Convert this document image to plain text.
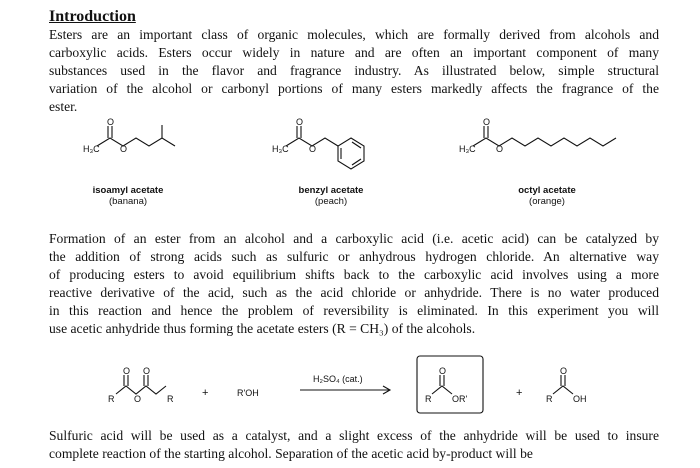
Introduction
Esters are an important class of organic molecules, which are formally derived from alcohols and
carboxylic acids. Esters occur widely in nature and are often an important component of many
substances used in the flavor and fragrance industry. As illustrated below, simple structural
variation of the alcohol or carbonyl portions of many esters markedly affects the fragrance of the
ester.
H₃C
O
O	H₃C
O
O	H₃C
O
O
isoamyl acetate
(banana)
benzyl acetate
(peach)
octyl acetate
(orange)
Formation of an ester from an alcohol and a carboxylic acid (i.e. acetic acid) can be catalyzed by
the addition of strong acids such as sulfuric or anhydrous hydrogen chloride. An alternative way
of producing esters to avoid equilibrium shifts back to the carboxylic acid involves using a more
reactive derivative of the acid, such as the acid chloride or anhydride. There is no water produced
in this reaction and hence the problem of reversibility is eliminated. In this experiment you will
use acetic anhydride thus forming the acetate esters (R = CH₃) of the alcohols.
O O
R O	R	+	R'OH
H₂SO₄ (cat.)
O
R OR'	+
O
R OH
Sulfuric acid will be used as a catalyst, and a slight excess of the anhydride will be used to insure
complete reaction of the starting alcohol. Separation of the acetic acid by-product will be
